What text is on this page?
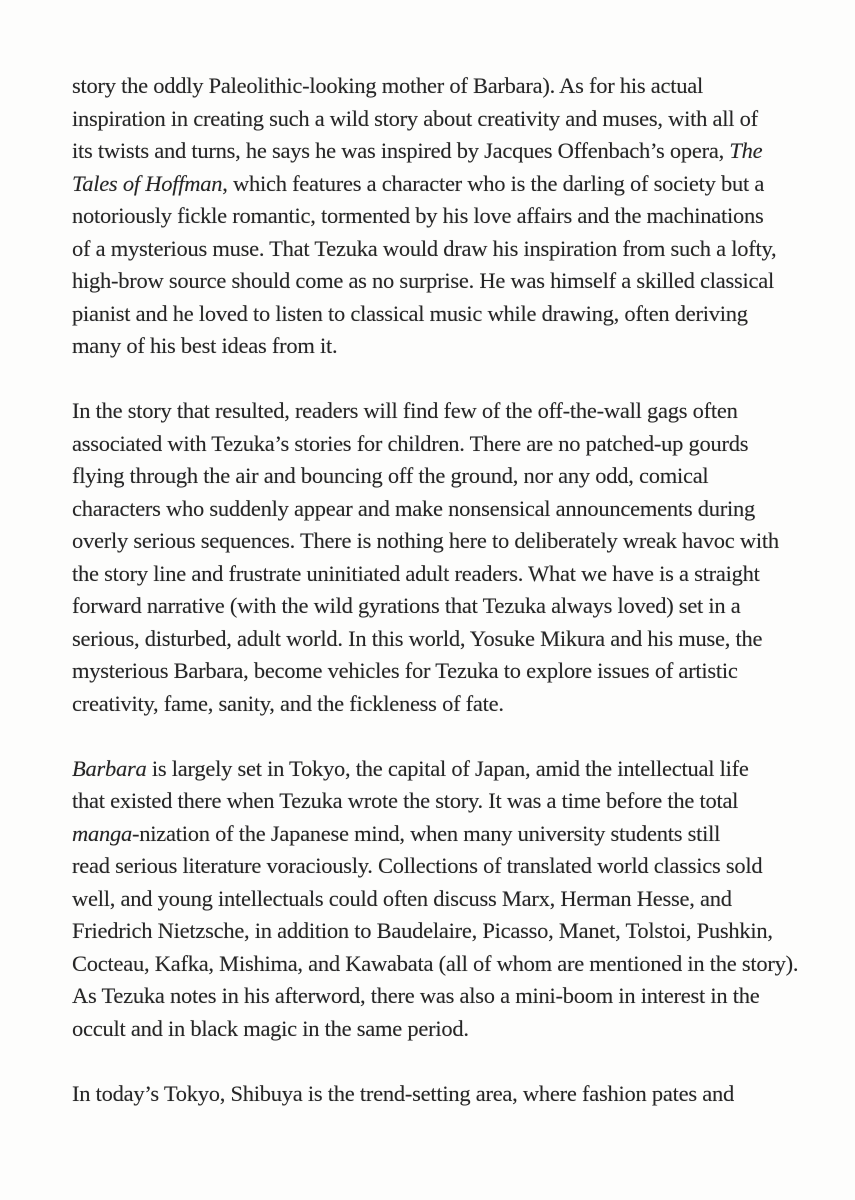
story the oddly Paleolithic-looking mother of Barbara). As for his actual
inspiration in creating such a wild story about creativity and muses, with all of
its twists and turns, he says he was inspired by Jacques Offenbach’s opera, The
Tales of Hoffman, which features a character who is the darling of society but a
notoriously fickle romantic, tormented by his love affairs and the machinations
of a mysterious muse. That Tezuka would draw his inspiration from such a lofty,
high-brow source should come as no surprise. He was himself a skilled classical
pianist and he loved to listen to classical music while drawing, often deriving
many of his best ideas from it.
In the story that resulted, readers will find few of the off-the-wall gags often
associated with Tezuka’s stories for children. There are no patched-up gourds
flying through the air and bouncing off the ground, nor any odd, comical
characters who suddenly appear and make nonsensical announcements during
overly serious sequences. There is nothing here to deliberately wreak havoc with
the story line and frustrate uninitiated adult readers. What we have is a straight
forward narrative (with the wild gyrations that Tezuka always loved) set in a
serious, disturbed, adult world. In this world, Yosuke Mikura and his muse, the
mysterious Barbara, become vehicles for Tezuka to explore issues of artistic
creativity, fame, sanity, and the fickleness of fate.
Barbara is largely set in Tokyo, the capital of Japan, amid the intellectual life
that existed there when Tezuka wrote the story. It was a time before the total
manga-nization of the Japanese mind, when many university students still
read serious literature voraciously. Collections of translated world classics sold
well, and young intellectuals could often discuss Marx, Herman Hesse, and
Friedrich Nietzsche, in addition to Baudelaire, Picasso, Manet, Tolstoi, Pushkin,
Cocteau, Kafka, Mishima, and Kawabata (all of whom are mentioned in the story).
As Tezuka notes in his afterword, there was also a mini-boom in interest in the
occult and in black magic in the same period.
In today’s Tokyo, Shibuya is the trend-setting area, where fashion pates and
